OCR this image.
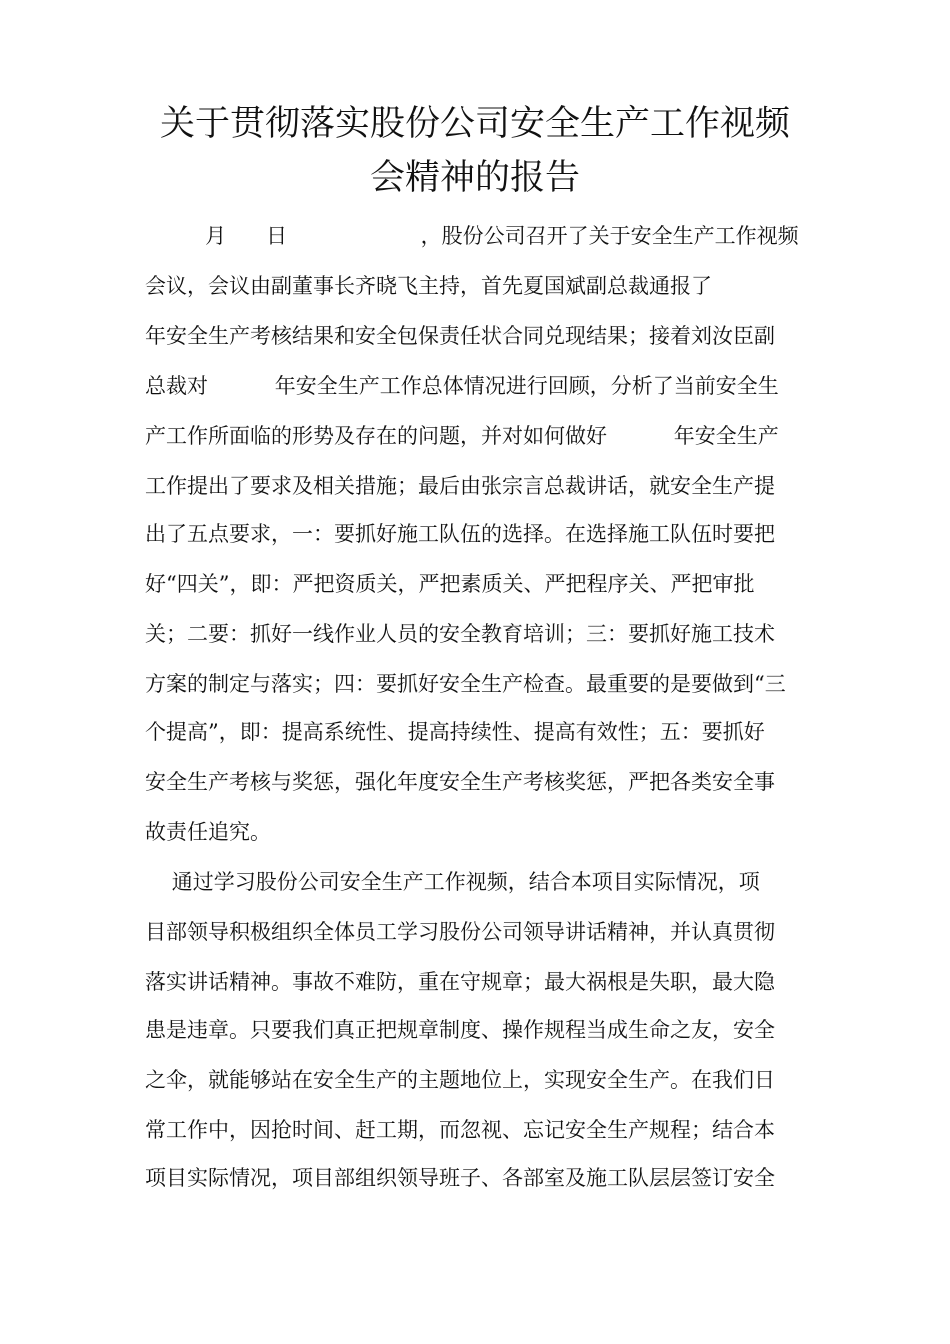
关于贯彻落实股份公司安全生产工作视频
会精神的报告
月      日                    ，股份公司召开了关于安全生产工作视频
会议，会议由副董事长齐晓飞主持，首先夏国斌副总裁通报了
年安全生产考核结果和安全包保责任状合同兑现结果；接着刘汝臣副
总裁对          年安全生产工作总体情况进行回顾，分析了当前安全生
产工作所面临的形势及存在的问题，并对如何做好          年安全生产
工作提出了要求及相关措施；最后由张宗言总裁讲话，就安全生产提
出了五点要求，一：要抓好施工队伍的选择。在选择施工队伍时要把
好“四关”，即：严把资质关，严把素质关、严把程序关、严把审批
关；二要：抓好一线作业人员的安全教育培训；三：要抓好施工技术
方案的制定与落实；四：要抓好安全生产检查。最重要的是要做到“三
个提高”，即：提高系统性、提高持续性、提高有效性；五：要抓好
安全生产考核与奖惩，强化年度安全生产考核奖惩，严把各类安全事
故责任追究。
通过学习股份公司安全生产工作视频，结合本项目实际情况，项
目部领导积极组织全体员工学习股份公司领导讲话精神，并认真贯彻
落实讲话精神。事故不难防，重在守规章；最大祸根是失职，最大隐
患是违章。只要我们真正把规章制度、操作规程当成生命之友，安全
之伞，就能够站在安全生产的主题地位上，实现安全生产。在我们日
常工作中，因抢时间、赶工期，而忽视、忘记安全生产规程；结合本
项目实际情况，项目部组织领导班子、各部室及施工队层层签订安全
